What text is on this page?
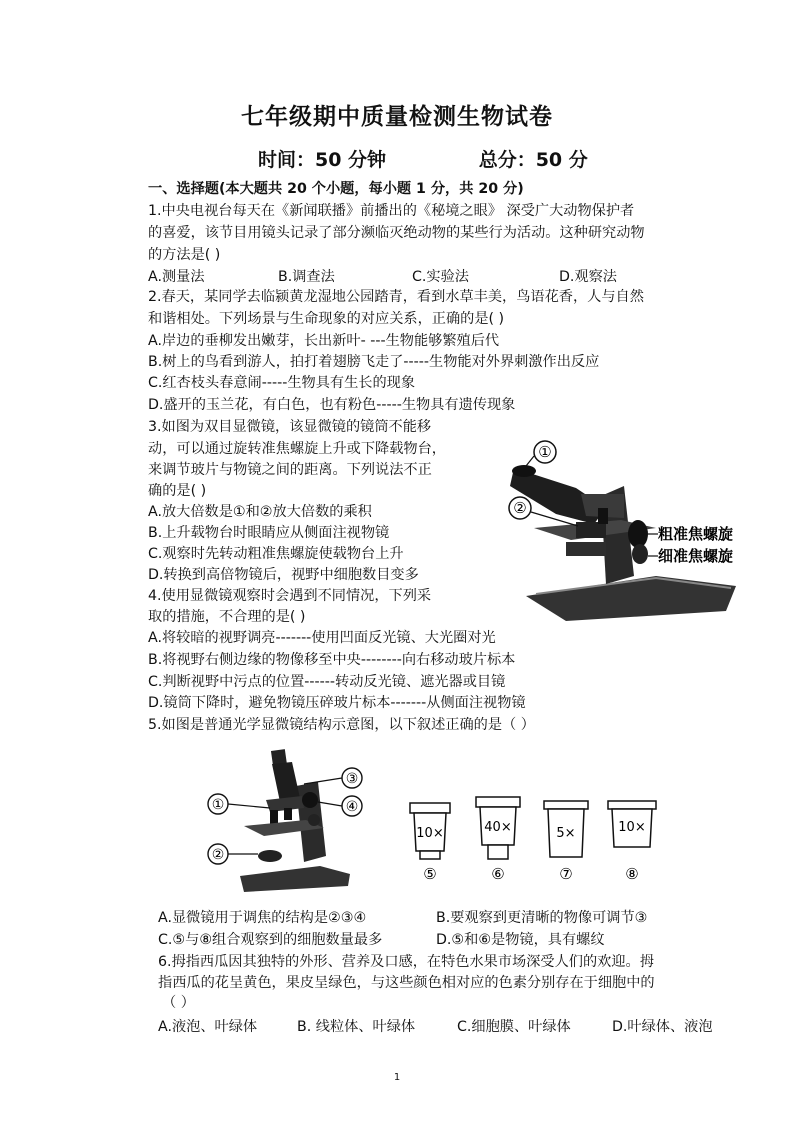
七年级期中质量检测生物试卷
时间：50 分钟	总分：50 分
一、选择题(本大题共 20 个小题，每小题 1 分，共 20 分)
1.中央电视台每天在《新闻联播》前播出的《秘境之眼》 深受广大动物保护者
的喜爱，该节目用镜头记录了部分濒临灭绝动物的某些行为活动。这种研究动物
的方法是( )
A.测量法	B.调查法	C.实验法	D.观察法
2.春天，某同学去临颍黄龙湿地公园踏青，看到水草丰美，鸟语花香，人与自然
和谐相处。下列场景与生命现象的对应关系，正确的是( )
A.岸边的垂柳发出嫩芽，长出新叶- ---生物能够繁殖后代
B.树上的鸟看到游人，拍打着翅膀飞走了-----生物能对外界刺激作出反应
C.红杏枝头春意闹-----生物具有生长的现象
D.盛开的玉兰花，有白色，也有粉色-----生物具有遗传现象
3.如图为双目显微镜，该显微镜的镜筒不能移
动，可以通过旋转准焦螺旋上升或下降载物台，
来调节玻片与物镜之间的距离。下列说法不正
确的是( )
A.放大倍数是①和②放大倍数的乘积
B.上升载物台时眼睛应从侧面注视物镜
C.观察时先转动粗准焦螺旋使载物台上升
D.转换到高倍物镜后，视野中细胞数目变多
①
②
粗准焦螺旋
细准焦螺旋
4.使用显微镜观察时会遇到不同情况，下列采
取的措施，不合理的是( )
A.将较暗的视野调亮-------使用凹面反光镜、大光圈对光
B.将视野右侧边缘的物像移至中央--------向右移动玻片标本
C.判断视野中污点的位置------转动反光镜、遮光器或目镜
D.镜筒下降时，避免物镜压碎玻片标本-------从侧面注视物镜
5.如图是普通光学显微镜结构示意图，以下叙述正确的是（ ）
③
④
①
②
10×
⑤
40×
⑥
5×
⑦
10×
⑧
A.显微镜用于调焦的结构是②③④	B.要观察到更清晰的物像可调节③
C.⑤与⑧组合观察到的细胞数量最多	D.⑤和⑥是物镜，具有螺纹
6.拇指西瓜因其独特的外形、营养及口感，在特色水果市场深受人们的欢迎。拇
指西瓜的花呈黄色，果皮呈绿色，与这些颜色相对应的色素分别存在于细胞中的
（ ）
A.液泡、叶绿体	B. 线粒体、叶绿体	C.细胞膜、叶绿体	D.叶绿体、液泡
1
